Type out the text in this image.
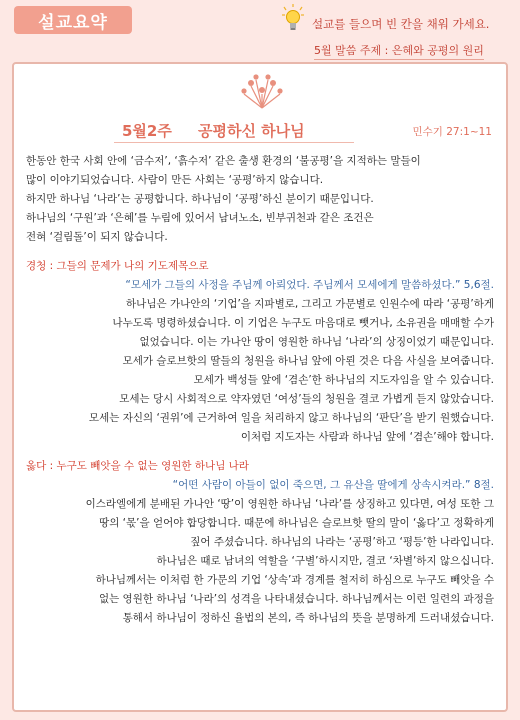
설교요약	설교를 들으며 빈 칸을 채워 가세요.
5월 말씀 주제 : 은혜와 공평의 원리
5월2주 공평하신 하나님	민수기 27:1~11

한동안 한국 사회 안에 ‘금수저’, ‘흙수저’ 같은 출생 환경의 ‘불공평’을 지적하는 말들이

많이 이야기되었습니다. 사람이 만든 사회는 ‘공평’하지 않습니다.

하지만 하나님 ‘나라’는 공평합니다. 하나님이 ‘공평’하신 분이기 때문입니다.

하나님의 ‘구원’과 ‘은혜’를 누림에 있어서 남녀노소, 빈부귀천과 같은 조건은

전혀 ‘걸림돌’이 되지 않습니다.

경청 : 그들의 문제가 나의 기도제목으로

“모세가 그들의 사정을 주님께 아뢰었다. 주님께서 모세에게 말씀하셨다.” 5,6절.

하나님은 가나안의 ‘기업’을 지파별로, 그리고 가문별로 인원수에 따라 ‘공평’하게

나누도록 명령하셨습니다. 이 기업은 누구도 마음대로 뺏거나, 소유권을 매매할 수가

없었습니다. 이는 가나안 땅이 영원한 하나님 ‘나라’의 상징이었기 때문입니다.

모세가 슬로브핫의 딸들의 청원을 하나님 앞에 아뢴 것은 다음 사실을 보여줍니다.

모세가 백성들 앞에 ‘겸손’한 하나님의 지도자임을 알 수 있습니다.

모세는 당시 사회적으로 약자였던 ‘여성’들의 청원을 결코 가볍게 듣지 않았습니다.

모세는 자신의 ‘권위’에 근거하여 일을 처리하지 않고 하나님의 ‘판단’을 받기 원했습니다.

이처럼 지도자는 사람과 하나님 앞에 ‘겸손’해야 합니다.

옳다 : 누구도 빼앗을 수 없는 영원한 하나님 나라

“어떤 사람이 아들이 없이 죽으면, 그 유산을 딸에게 상속시켜라.” 8절.

이스라엘에게 분배된 가나안 ‘땅’이 영원한 하나님 ‘나라’를 상징하고 있다면, 여성 또한 그

땅의 ‘몫’을 얻어야 합당합니다. 때문에 하나님은 슬로브핫 딸의 말이 ‘옳다’고 정확하게

짚어 주셨습니다. 하나님의 나라는 ‘공평’하고 ‘평등’한 나라입니다.

하나님은 때로 남녀의 역할을 ‘구별’하시지만, 결코 ‘차별’하지 않으십니다.

하나님께서는 이처럼 한 가문의 기업 ‘상속’과 경계를 철저히 하심으로 누구도 빼앗을 수

없는 영원한 하나님 ‘나라’의 성격을 나타내셨습니다. 하나님께서는 이런 일련의 과정을

통해서 하나님이 정하신 율법의 본의, 즉 하나님의 뜻을 분명하게 드러내셨습니다.
